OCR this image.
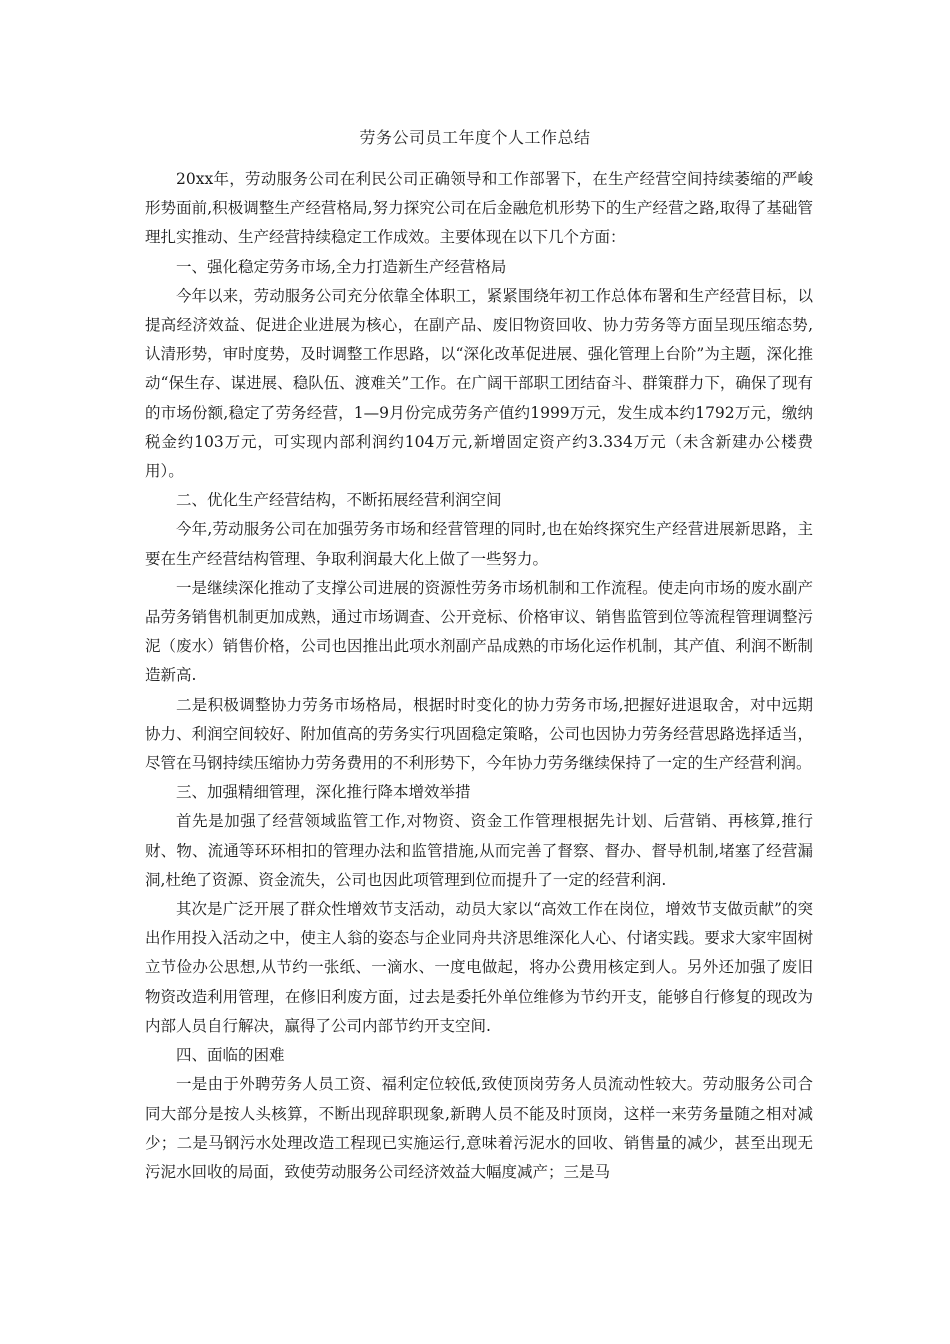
劳务公司员工年度个人工作总结

20xx年，劳动服务公司在利民公司正确领导和工作部署下，在生产经营空间持续萎缩的严峻形势面前,积极调整生产经营格局,努力探究公司在后金融危机形势下的生产经营之路,取得了基础管理扎实推动、生产经营持续稳定工作成效。主要体现在以下几个方面：

一、强化稳定劳务市场,全力打造新生产经营格局

今年以来，劳动服务公司充分依靠全体职工，紧紧围绕年初工作总体布署和生产经营目标，以提高经济效益、促进企业进展为核心，在副产品、废旧物资回收、协力劳务等方面呈现压缩态势,认清形势，审时度势，及时调整工作思路，以“深化改革促进展、强化管理上台阶”为主题，深化推动“保生存、谋进展、稳队伍、渡难关”工作。在广阔干部职工团结奋斗、群策群力下，确保了现有的市场份额,稳定了劳务经营，1—9月份完成劳务产值约1999万元，发生成本约1792万元，缴纳税金约103万元，可实现内部利润约104万元,新增固定资产约3.334万元（未含新建办公楼费用）。

二、优化生产经营结构，不断拓展经营利润空间

今年,劳动服务公司在加强劳务市场和经营管理的同时,也在始终探究生产经营进展新思路，主要在生产经营结构管理、争取利润最大化上做了一些努力。

一是继续深化推动了支撑公司进展的资源性劳务市场机制和工作流程。使走向市场的废水副产品劳务销售机制更加成熟，通过市场调查、公开竞标、价格审议、销售监管到位等流程管理调整污泥（废水）销售价格，公司也因推出此项水剂副产品成熟的市场化运作机制，其产值、利润不断制造新高.

二是积极调整协力劳务市场格局，根据时时变化的协力劳务市场,把握好进退取舍，对中远期协力、利润空间较好、附加值高的劳务实行巩固稳定策略，公司也因协力劳务经营思路选择适当，尽管在马钢持续压缩协力劳务费用的不利形势下，今年协力劳务继续保持了一定的生产经营利润。

三、加强精细管理，深化推行降本增效举措

首先是加强了经营领域监管工作,对物资、资金工作管理根据先计划、后营销、再核算,推行财、物、流通等环环相扣的管理办法和监管措施,从而完善了督察、督办、督导机制,堵塞了经营漏洞,杜绝了资源、资金流失，公司也因此项管理到位而提升了一定的经营利润.

其次是广泛开展了群众性增效节支活动，动员大家以“高效工作在岗位，增效节支做贡献”的突出作用投入活动之中，使主人翁的姿态与企业同舟共济思维深化人心、付诸实践。要求大家牢固树立节俭办公思想,从节约一张纸、一滴水、一度电做起，将办公费用核定到人。另外还加强了废旧物资改造利用管理，在修旧利废方面，过去是委托外单位维修为节约开支，能够自行修复的现改为内部人员自行解决，赢得了公司内部节约开支空间.

四、面临的困难

一是由于外聘劳务人员工资、福利定位较低,致使顶岗劳务人员流动性较大。劳动服务公司合同大部分是按人头核算，不断出现辞职现象,新聘人员不能及时顶岗，这样一来劳务量随之相对减少；二是马钢污水处理改造工程现已实施运行,意味着污泥水的回收、销售量的减少，甚至出现无污泥水回收的局面，致使劳动服务公司经济效益大幅度减产；三是马
